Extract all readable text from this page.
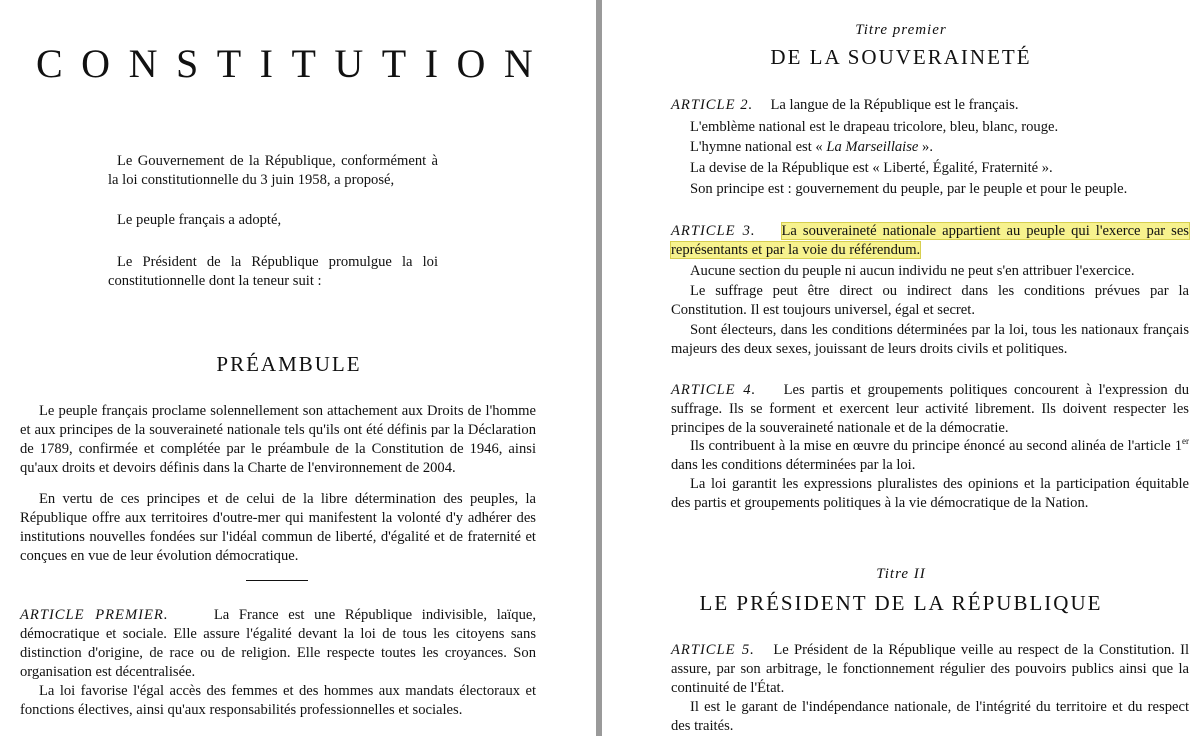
CONSTITUTION
Le Gouvernement de la République, conformément à la loi constitutionnelle du 3 juin 1958, a proposé,
Le peuple français a adopté,
Le Président de la République promulgue la loi constitutionnelle dont la teneur suit :
PRÉAMBULE
Le peuple français proclame solennellement son attachement aux Droits de l'homme et aux principes de la souveraineté nationale tels qu'ils ont été définis par la Déclaration de 1789, confirmée et complétée par le préambule de la Constitution de 1946, ainsi qu'aux droits et devoirs définis dans la Charte de l'environnement de 2004.
En vertu de ces principes et de celui de la libre détermination des peuples, la République offre aux territoires d'outre-mer qui manifestent la volonté d'y adhérer des institutions nouvelles fondées sur l'idéal commun de liberté, d'égalité et de fraternité et conçues en vue de leur évolution démocratique.
ARTICLE PREMIER.	La France est une République indivisible, laïque, démocratique et sociale. Elle assure l'égalité devant la loi de tous les citoyens sans distinction d'origine, de race ou de religion. Elle respecte toutes les croyances. Son organisation est décentralisée.
La loi favorise l'égal accès des femmes et des hommes aux mandats électoraux et fonctions électives, ainsi qu'aux responsabilités professionnelles et sociales.
Titre premier
DE LA SOUVERAINETÉ
ARTICLE 2. La langue de la République est le français.
L'emblème national est le drapeau tricolore, bleu, blanc, rouge.
L'hymne national est « La Marseillaise ».
La devise de la République est « Liberté, Égalité, Fraternité ».
Son principe est : gouvernement du peuple, par le peuple et pour le peuple.
ARTICLE 3. La souveraineté nationale appartient au peuple qui l'exerce par ses représentants et par la voie du référendum.
Aucune section du peuple ni aucun individu ne peut s'en attribuer l'exercice.
Le suffrage peut être direct ou indirect dans les conditions prévues par la Constitution. Il est toujours universel, égal et secret.
Sont électeurs, dans les conditions déterminées par la loi, tous les nationaux français majeurs des deux sexes, jouissant de leurs droits civils et politiques.
ARTICLE 4. Les partis et groupements politiques concourent à l'expression du suffrage. Ils se forment et exercent leur activité librement. Ils doivent respecter les principes de la souveraineté nationale et de la démocratie.
Ils contribuent à la mise en œuvre du principe énoncé au second alinéa de l'article 1er dans les conditions déterminées par la loi.
La loi garantit les expressions pluralistes des opinions et la participation équitable des partis et groupements politiques à la vie démocratique de la Nation.
Titre II
LE PRÉSIDENT DE LA RÉPUBLIQUE
ARTICLE 5. Le Président de la République veille au respect de la Constitution. Il assure, par son arbitrage, le fonctionnement régulier des pouvoirs publics ainsi que la continuité de l'État.
Il est le garant de l'indépendance nationale, de l'intégrité du territoire et du respect des traités.
